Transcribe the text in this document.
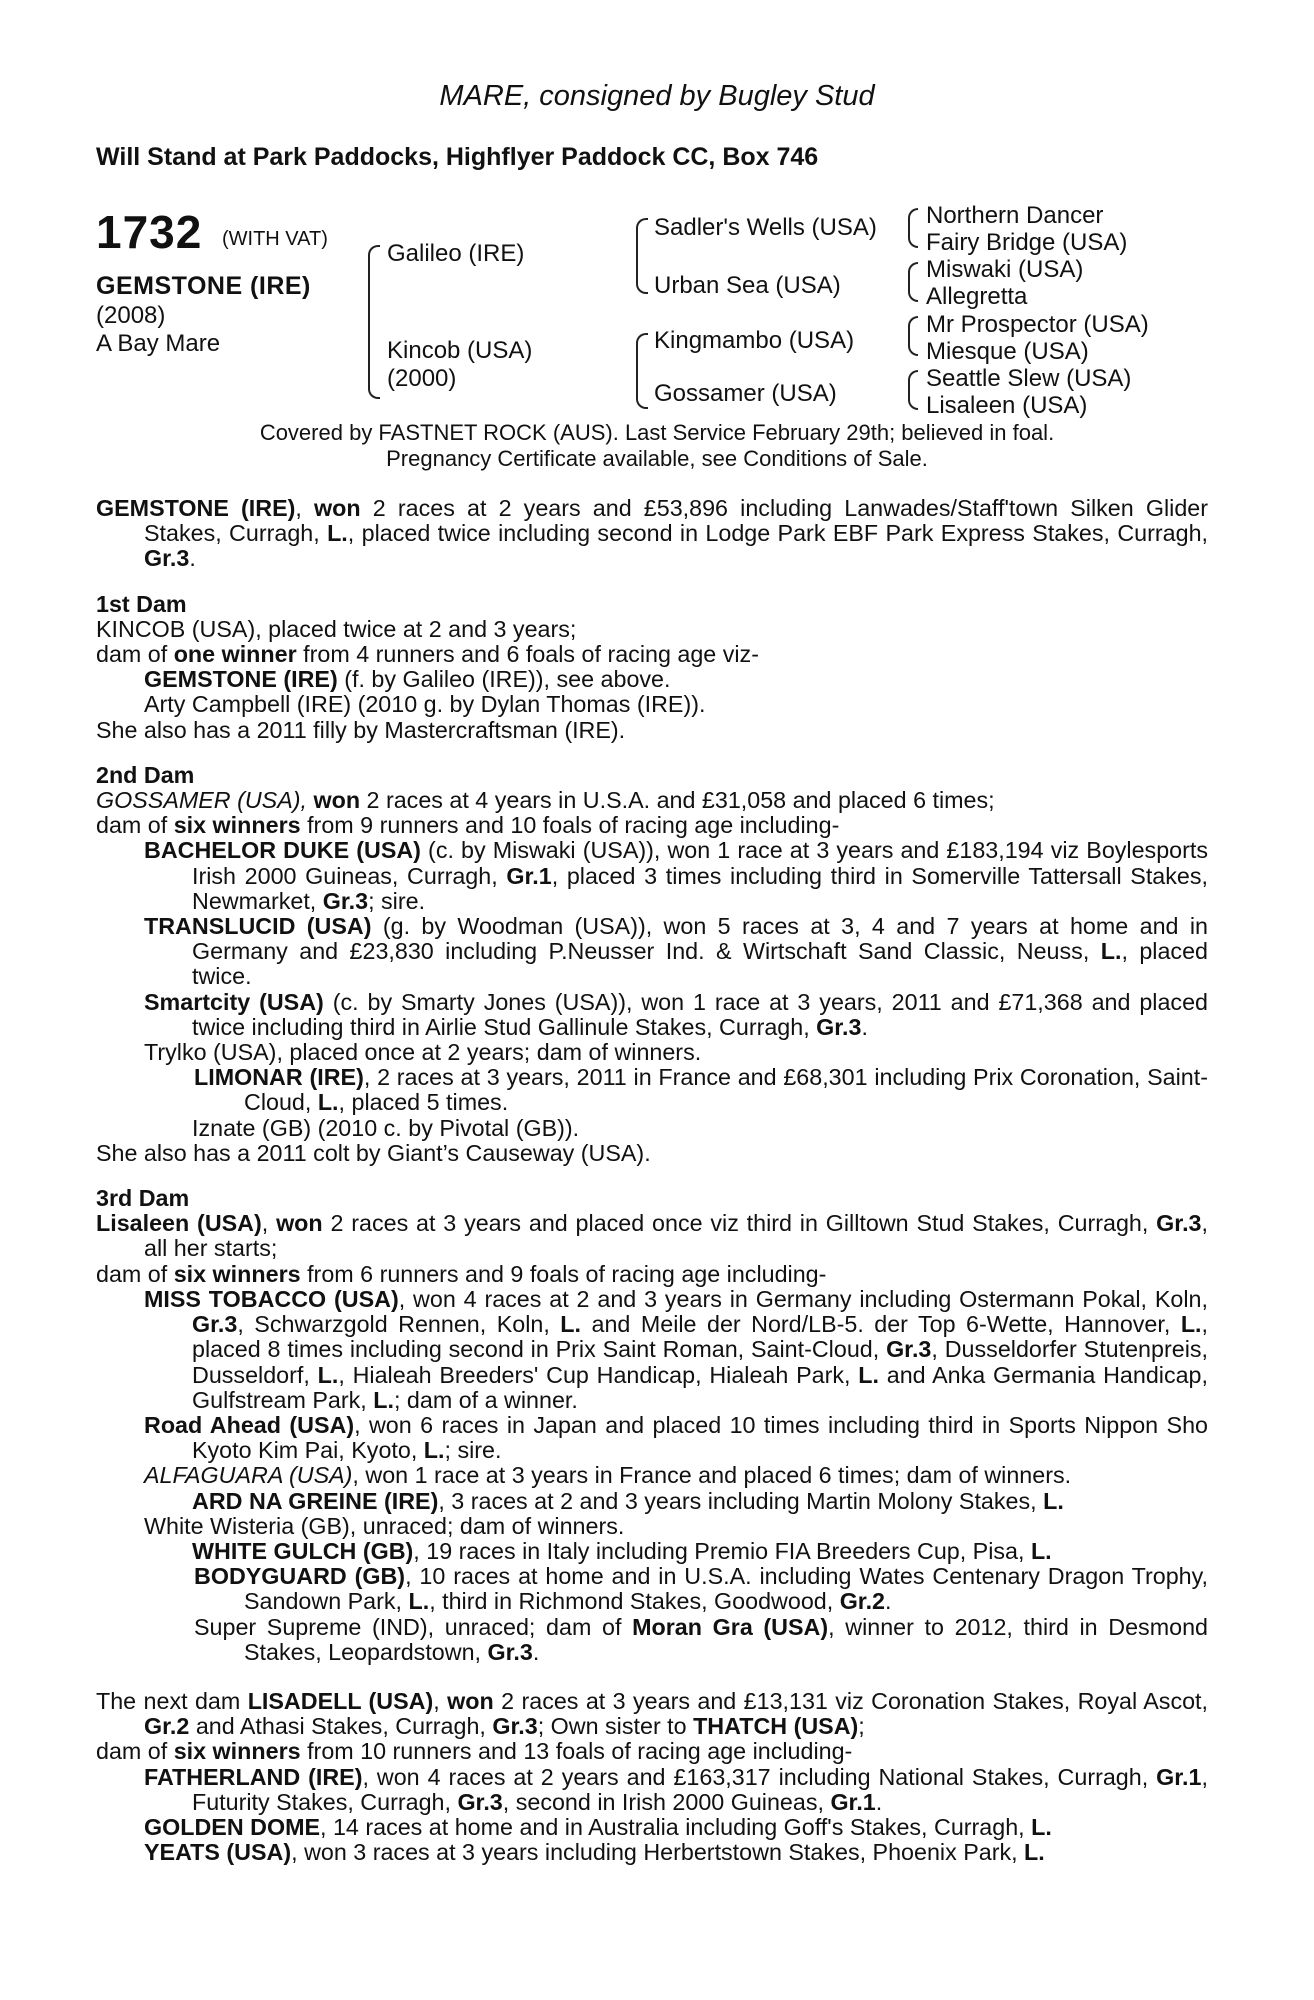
MARE, consigned by Bugley Stud
Will Stand at Park Paddocks, Highflyer Paddock CC, Box 746
1732 (WITH VAT)
GEMSTONE (IRE)
(2008)
A Bay Mare
Galileo (IRE)
Kincob (USA)
(2000)
Sadler's Wells (USA)
Urban Sea (USA)
Kingmambo (USA)
Gossamer (USA)
Northern Dancer
Fairy Bridge (USA)
Miswaki (USA)
Allegretta
Mr Prospector (USA)
Miesque (USA)
Seattle Slew (USA)
Lisaleen (USA)
Covered by FASTNET ROCK (AUS). Last Service February 29th; believed in foal.
Pregnancy Certificate available, see Conditions of Sale.

GEMSTONE (IRE), won 2 races at 2 years and £53,896 including Lanwades/Staff'town Silken Glider Stakes, Curragh, L., placed twice including second in Lodge Park EBF Park Express Stakes, Curragh, Gr.3.

1st Dam

KINCOB (USA), placed twice at 2 and 3 years;

dam of one winner from 4 runners and 6 foals of racing age viz-

GEMSTONE (IRE) (f. by Galileo (IRE)), see above.

Arty Campbell (IRE) (2010 g. by Dylan Thomas (IRE)).

She also has a 2011 filly by Mastercraftsman (IRE).

2nd Dam

GOSSAMER (USA), won 2 races at 4 years in U.S.A. and £31,058 and placed 6 times;

dam of six winners from 9 runners and 10 foals of racing age including-

BACHELOR DUKE (USA) (c. by Miswaki (USA)), won 1 race at 3 years and £183,194 viz Boylesports Irish 2000 Guineas, Curragh, Gr.1, placed 3 times including third in Somerville Tattersall Stakes, Newmarket, Gr.3; sire.

TRANSLUCID (USA) (g. by Woodman (USA)), won 5 races at 3, 4 and 7 years at home and in Germany and £23,830 including P.Neusser Ind. & Wirtschaft Sand Classic, Neuss, L., placed twice.

Smartcity (USA) (c. by Smarty Jones (USA)), won 1 race at 3 years, 2011 and £71,368 and placed twice including third in Airlie Stud Gallinule Stakes, Curragh, Gr.3.

Trylko (USA), placed once at 2 years; dam of winners.

LIMONAR (IRE), 2 races at 3 years, 2011 in France and £68,301 including Prix Coronation, Saint-Cloud, L., placed 5 times.

Iznate (GB) (2010 c. by Pivotal (GB)).

She also has a 2011 colt by Giant’s Causeway (USA).

3rd Dam

Lisaleen (USA), won 2 races at 3 years and placed once viz third in Gilltown Stud Stakes, Curragh, Gr.3, all her starts;

dam of six winners from 6 runners and 9 foals of racing age including-

MISS TOBACCO (USA), won 4 races at 2 and 3 years in Germany including Ostermann Pokal, Koln, Gr.3, Schwarzgold Rennen, Koln, L. and Meile der Nord/LB-5. der Top 6-Wette, Hannover, L., placed 8 times including second in Prix Saint Roman, Saint-Cloud, Gr.3, Dusseldorfer Stutenpreis, Dusseldorf, L., Hialeah Breeders' Cup Handicap, Hialeah Park, L. and Anka Germania Handicap, Gulfstream Park, L.; dam of a winner.

Road Ahead (USA), won 6 races in Japan and placed 10 times including third in Sports Nippon Sho Kyoto Kim Pai, Kyoto, L.; sire.

ALFAGUARA (USA), won 1 race at 3 years in France and placed 6 times; dam of winners.

ARD NA GREINE (IRE), 3 races at 2 and 3 years including Martin Molony Stakes, L.

White Wisteria (GB), unraced; dam of winners.

WHITE GULCH (GB), 19 races in Italy including Premio FIA Breeders Cup, Pisa, L.

BODYGUARD (GB), 10 races at home and in U.S.A. including Wates Centenary Dragon Trophy, Sandown Park, L., third in Richmond Stakes, Goodwood, Gr.2.

Super Supreme (IND), unraced; dam of Moran Gra (USA), winner to 2012, third in Desmond Stakes, Leopardstown, Gr.3.

The next dam LISADELL (USA), won 2 races at 3 years and £13,131 viz Coronation Stakes, Royal Ascot, Gr.2 and Athasi Stakes, Curragh, Gr.3; Own sister to THATCH (USA);

dam of six winners from 10 runners and 13 foals of racing age including-

FATHERLAND (IRE), won 4 races at 2 years and £163,317 including National Stakes, Curragh, Gr.1, Futurity Stakes, Curragh, Gr.3, second in Irish 2000 Guineas, Gr.1.

GOLDEN DOME, 14 races at home and in Australia including Goff's Stakes, Curragh, L.

YEATS (USA), won 3 races at 3 years including Herbertstown Stakes, Phoenix Park, L.
